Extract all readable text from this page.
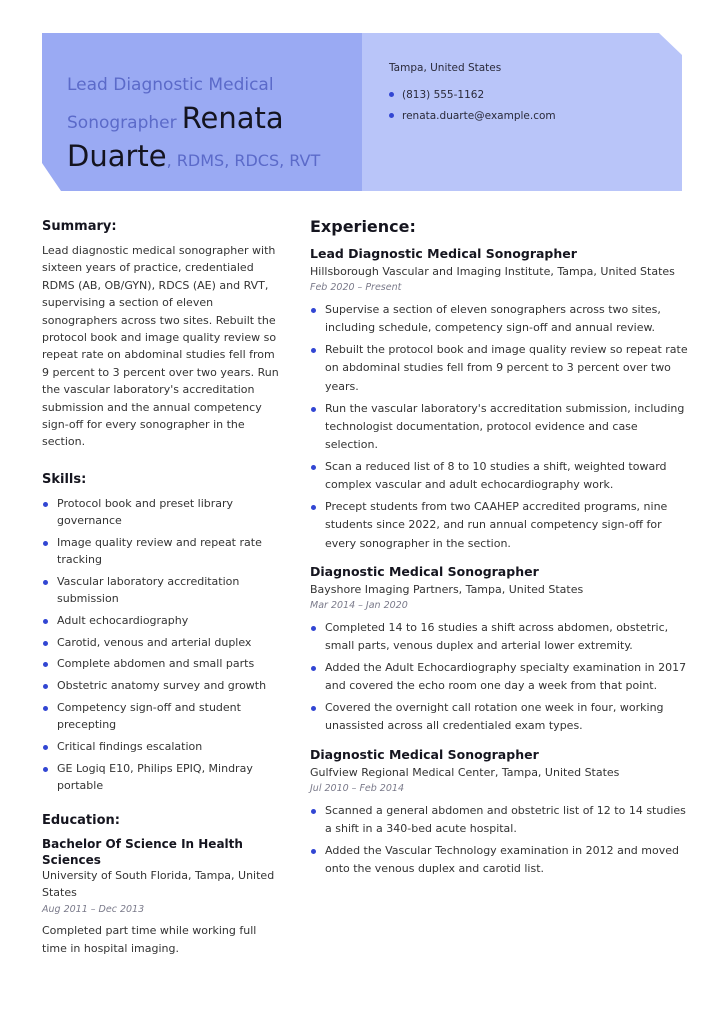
Lead Diagnostic Medical Sonographer Renata Duarte, RDMS, RDCS, RVT
Tampa, United States
(813) 555-1162
renata.duarte@example.com
Summary:

Lead diagnostic medical sonographer with sixteen years of practice, credentialed RDMS (AB, OB/GYN), RDCS (AE) and RVT, supervising a section of eleven sonographers across two sites. Rebuilt the protocol book and image quality review so repeat rate on abdominal studies fell from 9 percent to 3 percent over two years. Run the vascular laboratory's accreditation submission and the annual competency sign-off for every sonographer in the section.

Skills:
Protocol book and preset library governance
Image quality review and repeat rate tracking
Vascular laboratory accreditation submission
Adult echocardiography
Carotid, venous and arterial duplex
Complete abdomen and small parts
Obstetric anatomy survey and growth
Competency sign-off and student precepting
Critical findings escalation
GE Logiq E10, Philips EPIQ, Mindray portable
Education:
Bachelor Of Science In Health Sciences
University of South Florida, Tampa, United States
Aug 2011 – Dec 2013

Completed part time while working full time in hospital imaging.

Experience:
Lead Diagnostic Medical Sonographer
Hillsborough Vascular and Imaging Institute, Tampa, United States
Feb 2020 – Present
Supervise a section of eleven sonographers across two sites, including schedule, competency sign-off and annual review.
Rebuilt the protocol book and image quality review so repeat rate on abdominal studies fell from 9 percent to 3 percent over two years.
Run the vascular laboratory's accreditation submission, including technologist documentation, protocol evidence and case selection.
Scan a reduced list of 8 to 10 studies a shift, weighted toward complex vascular and adult echocardiography work.
Precept students from two CAAHEP accredited programs, nine students since 2022, and run annual competency sign-off for every sonographer in the section.
Diagnostic Medical Sonographer
Bayshore Imaging Partners, Tampa, United States
Mar 2014 – Jan 2020
Completed 14 to 16 studies a shift across abdomen, obstetric, small parts, venous duplex and arterial lower extremity.
Added the Adult Echocardiography specialty examination in 2017 and covered the echo room one day a week from that point.
Covered the overnight call rotation one week in four, working unassisted across all credentialed exam types.
Diagnostic Medical Sonographer
Gulfview Regional Medical Center, Tampa, United States
Jul 2010 – Feb 2014
Scanned a general abdomen and obstetric list of 12 to 14 studies a shift in a 340-bed acute hospital.
Added the Vascular Technology examination in 2012 and moved onto the venous duplex and carotid list.
